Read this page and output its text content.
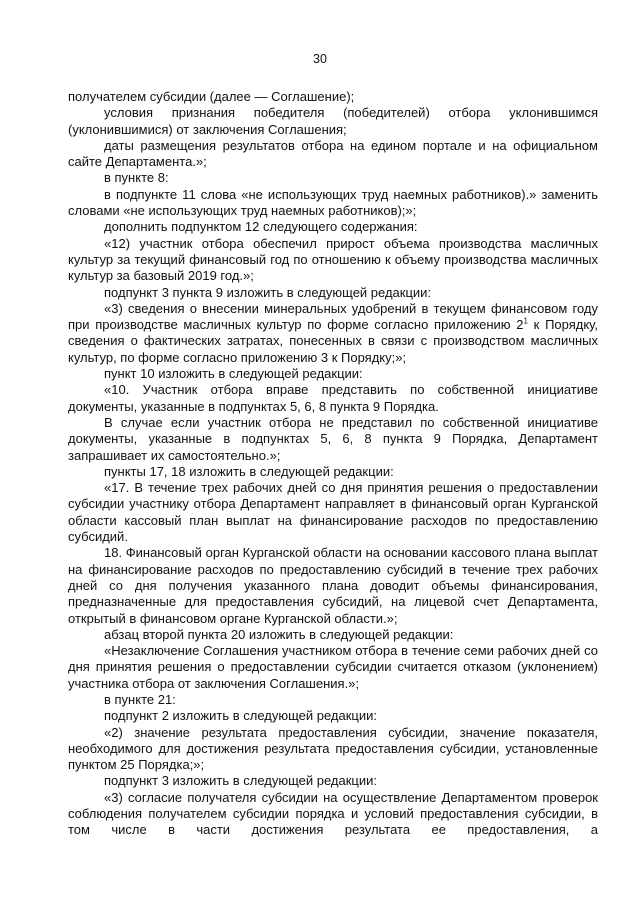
30

получателем субсидии (далее — Соглашение);

условия признания победителя (победителей) отбора уклонившимся (уклонившимися) от заключения Соглашения;

даты размещения результатов отбора на едином портале и на официальном сайте Департамента.»;

в пункте 8:

в подпункте 11 слова «не использующих труд наемных работников).» заменить словами «не использующих труд наемных работников);»;

дополнить подпунктом 12 следующего содержания:

«12) участник отбора обеспечил прирост объема производства масличных культур за текущий финансовый год по отношению к объему производства масличных культур за базовый 2019 год.»;

подпункт 3 пункта 9 изложить в следующей редакции:

«3) сведения о внесении минеральных удобрений в текущем финансовом году при производстве масличных культур по форме согласно приложению $2^1$ к Порядку, сведения о фактических затратах, понесенных в связи с производством масличных культур, по форме согласно приложению 3 к Порядку;»;

пункт 10 изложить в следующей редакции:

«10. Участник отбора вправе представить по собственной инициативе документы, указанные в подпунктах 5, 6, 8 пункта 9 Порядка.

В случае если участник отбора не представил по собственной инициативе документы, указанные в подпунктах 5, 6, 8 пункта 9 Порядка, Департамент запрашивает их самостоятельно.»;

пункты 17, 18 изложить в следующей редакции:

«17. В течение трех рабочих дней со дня принятия решения о предоставлении субсидии участнику отбора Департамент направляет в финансовый орган Курганской области кассовый план выплат на финансирование расходов по предоставлению субсидий.

18. Финансовый орган Курганской области на основании кассового плана выплат на финансирование расходов по предоставлению субсидий в течение трех рабочих дней со дня получения указанного плана доводит объемы финансирования, предназначенные для предоставления субсидий, на лицевой счет Департамента, открытый в финансовом органе Курганской области.»;

абзац второй пункта 20 изложить в следующей редакции:

«Незаключение Соглашения участником отбора в течение семи рабочих дней со дня принятия решения о предоставлении субсидии считается отказом (уклонением) участника отбора от заключения Соглашения.»;

в пункте 21:

подпункт 2 изложить в следующей редакции:

«2) значение результата предоставления субсидии, значение показателя, необходимого для достижения результата предоставления субсидии, установленные пунктом 25 Порядка;»;

подпункт 3 изложить в следующей редакции:

«3) согласие получателя субсидии на осуществление Департаментом проверок соблюдения получателем субсидии порядка и условий предоставления субсидии, в том числе в части достижения результата ее предоставления, а
